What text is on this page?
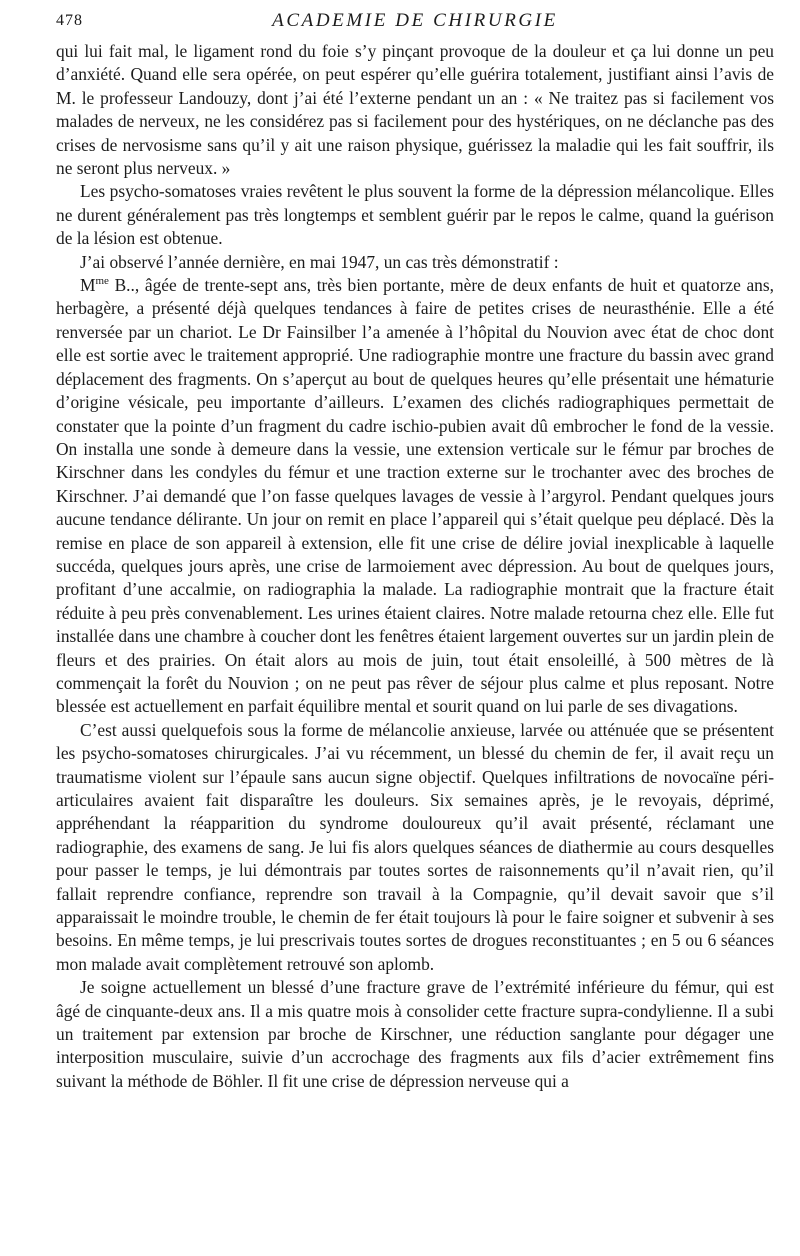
478	ACADEMIE DE CHIRURGIE

qui lui fait mal, le ligament rond du foie s’y pinçant provoque de la douleur et ça lui donne un peu d’anxiété. Quand elle sera opérée, on peut espérer qu’elle guérira totalement, justifiant ainsi l’avis de M. le professeur Landouzy, dont j’ai été l’externe pendant un an : « Ne traitez pas si facilement vos malades de nerveux, ne les considérez pas si facilement pour des hystériques, on ne déclanche pas des crises de nervosisme sans qu’il y ait une raison physique, guérissez la maladie qui les fait souffrir, ils ne seront plus nerveux. »

Les psycho-somatoses vraies revêtent le plus souvent la forme de la dépression mélancolique. Elles ne durent généralement pas très longtemps et semblent guérir par le repos le calme, quand la guérison de la lésion est obtenue.

J’ai observé l’année dernière, en mai 1947, un cas très démonstratif :

$M^{me}$ B.., âgée de trente-sept ans, très bien portante, mère de deux enfants de huit et quatorze ans, herbagère, a présenté déjà quelques tendances à faire de petites crises de neurasthénie. Elle a été renversée par un chariot. Le Dr Fainsilber l’a amenée à l’hôpital du Nouvion avec état de choc dont elle est sortie avec le traitement approprié. Une radiographie montre une fracture du bassin avec grand déplacement des fragments. On s’aperçut au bout de quelques heures qu’elle présentait une hématurie d’origine vésicale, peu importante d’ailleurs. L’examen des clichés radiographiques permettait de constater que la pointe d’un fragment du cadre ischio-pubien avait dû embrocher le fond de la vessie. On installa une sonde à demeure dans la vessie, une extension verticale sur le fémur par broches de Kirschner dans les condyles du fémur et une traction externe sur le trochanter avec des broches de Kirschner. J’ai demandé que l’on fasse quelques lavages de vessie à l’argyrol. Pendant quelques jours aucune tendance délirante. Un jour on remit en place l’appareil qui s’était quelque peu déplacé. Dès la remise en place de son appareil à extension, elle fit une crise de délire jovial inexplicable à laquelle succéda, quelques jours après, une crise de larmoiement avec dépression. Au bout de quelques jours, profitant d’une accalmie, on radiographia la malade. La radiographie montrait que la fracture était réduite à peu près convenablement. Les urines étaient claires. Notre malade retourna chez elle. Elle fut installée dans une chambre à coucher dont les fenêtres étaient largement ouvertes sur un jardin plein de fleurs et des prairies. On était alors au mois de juin, tout était ensoleillé, à 500 mètres de là commençait la forêt du Nouvion ; on ne peut pas rêver de séjour plus calme et plus reposant. Notre blessée est actuellement en parfait équilibre mental et sourit quand on lui parle de ses divagations.

C’est aussi quelquefois sous la forme de mélancolie anxieuse, larvée ou atténuée que se présentent les psycho-somatoses chirurgicales. J’ai vu récemment, un blessé du chemin de fer, il avait reçu un traumatisme violent sur l’épaule sans aucun signe objectif. Quelques infiltrations de novocaïne péri-articulaires avaient fait disparaître les douleurs. Six semaines après, je le revoyais, déprimé, appréhendant la réapparition du syndrome douloureux qu’il avait présenté, réclamant une radiographie, des examens de sang. Je lui fis alors quelques séances de diathermie au cours desquelles pour passer le temps, je lui démontrais par toutes sortes de raisonnements qu’il n’avait rien, qu’il fallait reprendre confiance, reprendre son travail à la Compagnie, qu’il devait savoir que s’il apparaissait le moindre trouble, le chemin de fer était toujours là pour le faire soigner et subvenir à ses besoins. En même temps, je lui prescrivais toutes sortes de drogues reconstituantes ; en 5 ou 6 séances mon malade avait complètement retrouvé son aplomb.

Je soigne actuellement un blessé d’une fracture grave de l’extrémité inférieure du fémur, qui est âgé de cinquante-deux ans. Il a mis quatre mois à consolider cette fracture supra-condylienne. Il a subi un traitement par extension par broche de Kirschner, une réduction sanglante pour dégager une interposition musculaire, suivie d’un accrochage des fragments aux fils d’acier extrêmement fins suivant la méthode de Böhler. Il fit une crise de dépression nerveuse qui a
